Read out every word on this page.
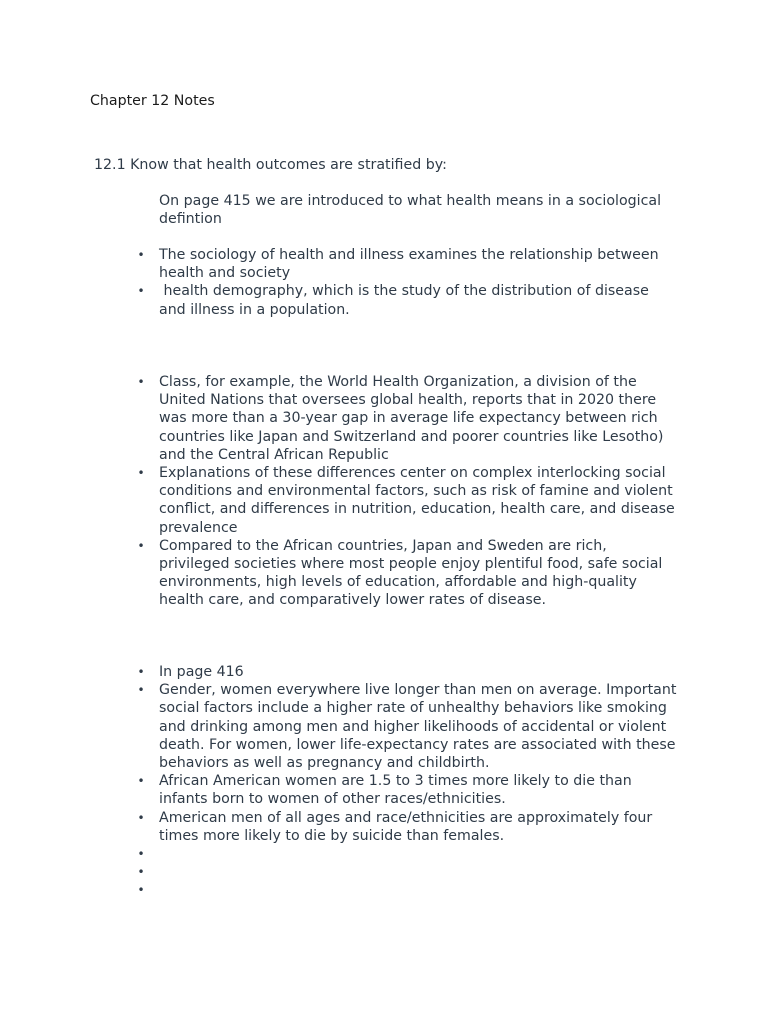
Chapter 12 Notes
12.1 Know that health outcomes are stratified by:
On page 415 we are introduced to what health means in a sociological defintion
• The sociology of health and illness examines the relationship between health and society
• health demography, which is the study of the distribution of disease and illness in a population.
• Class, for example, the World Health Organization, a division of the United Nations that oversees global health, reports that in 2020 there was more than a 30-year gap in average life expectancy between rich countries like Japan and Switzerland and poorer countries like Lesotho) and the Central African Republic
• Explanations of these differences center on complex interlocking social conditions and environmental factors, such as risk of famine and violent conflict, and differences in nutrition, education, health care, and disease prevalence
• Compared to the African countries, Japan and Sweden are rich, privileged societies where most people enjoy plentiful food, safe social environments, high levels of education, affordable and high-quality health care, and comparatively lower rates of disease.
• In page 416
• Gender, women everywhere live longer than men on average. Important social factors include a higher rate of unhealthy behaviors like smoking and drinking among men and higher likelihoods of accidental or violent death. For women, lower life-expectancy rates are associated with these behaviors as well as pregnancy and childbirth.
• African American women are 1.5 to 3 times more likely to die than infants born to women of other races/ethnicities.
• American men of all ages and race/ethnicities are approximately four times more likely to die by suicide than females.
•
•
•
